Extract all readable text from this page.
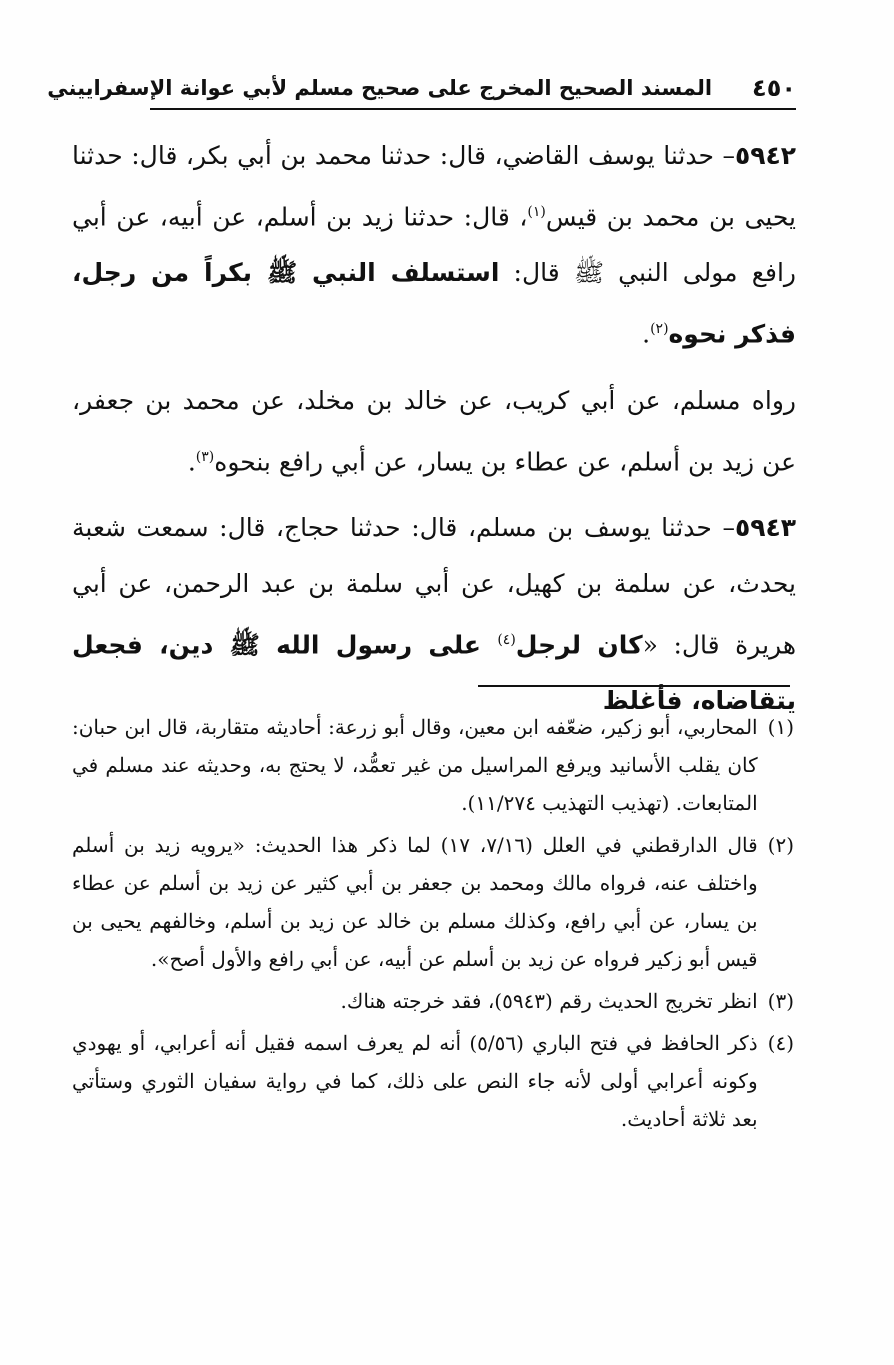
٤٥٠
المسند الصحيح المخرج على صحيح مسلم لأبي عوانة الإسفراييني

٥٩٤٢– حدثنا يوسف القاضي، قال: حدثنا محمد بن أبي بكر، قال: حدثنا يحيى بن محمد بن قيس$^{(١)}$، قال: حدثنا زيد بن أسلم، عن أبيه، عن أبي رافع مولى النبي ﷺ قال: استسلف النبي ﷺ بكراً من رجل، فذكر نحوه$^{(٢)}$.

رواه مسلم، عن أبي كريب، عن خالد بن مخلد، عن محمد بن جعفر، عن زيد بن أسلم، عن عطاء بن يسار، عن أبي رافع بنحوه$^{(٣)}$.

٥٩٤٣– حدثنا يوسف بن مسلم، قال: حدثنا حجاج، قال: سمعت شعبة يحدث، عن سلمة بن كهيل، عن أبي سلمة بن عبد الرحمن، عن أبي هريرة قال: «كان لرجل$^{(٤)}$ على رسول الله ﷺ دين، فجعل يتقاضاه، فأغلظ

(١)
المحاربي، أبو زكير، ضعّفه ابن معين، وقال أبو زرعة: أحاديثه متقاربة، قال ابن حبان: كان يقلب الأسانيد ويرفع المراسيل من غير تعمُّد، لا يحتج به، وحديثه عند مسلم في المتابعات. (تهذيب التهذيب ١١/٢٧٤).
(٢)
قال الدارقطني في العلل (٧/١٦، ١٧) لما ذكر هذا الحديث: «يرويه زيد بن أسلم واختلف عنه، فرواه مالك ومحمد بن جعفر بن أبي كثير عن زيد بن أسلم عن عطاء بن يسار، عن أبي رافع، وكذلك مسلم بن خالد عن زيد بن أسلم، وخالفهم يحيى بن قيس أبو زكير فرواه عن زيد بن أسلم عن أبيه، عن أبي رافع والأول أصح».
(٣)
انظر تخريج الحديث رقم (٥٩٤٣)، فقد خرجته هناك.
(٤)
ذكر الحافظ في فتح الباري (٥/٥٦) أنه لم يعرف اسمه فقيل أنه أعرابي، أو يهودي وكونه أعرابي أولى لأنه جاء النص على ذلك، كما في رواية سفيان الثوري وستأتي بعد ثلاثة أحاديث.
